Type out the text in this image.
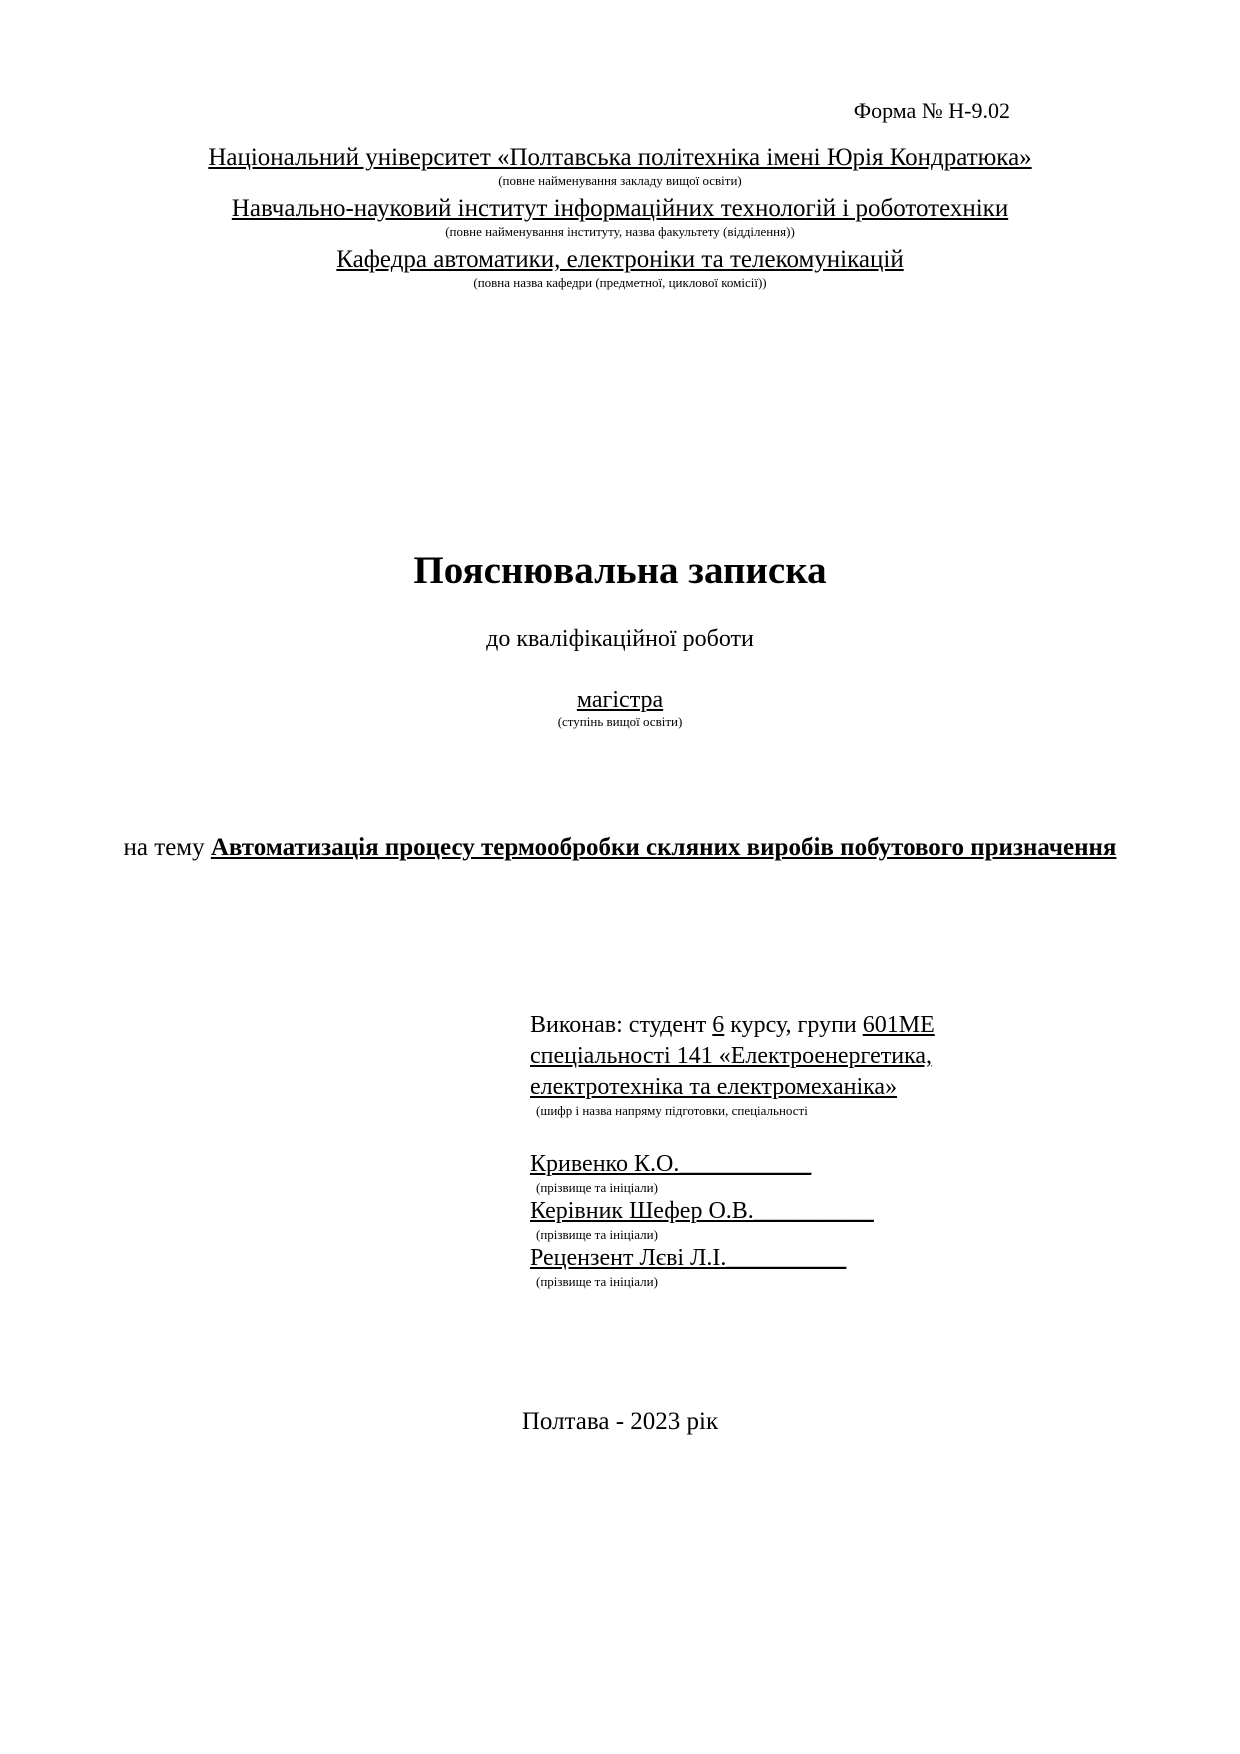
Форма № Н-9.02
Національний університет «Полтавська політехніка імені Юрія Кондратюка»
(повне найменування закладу вищої освіти)
Навчально-науковий інститут інформаційних технологій і робототехніки
(повне найменування інституту, назва факультету (відділення))
Кафедра автоматики, електроніки та телекомунікацій
(повна назва кафедри (предметної, циклової комісії))
Пояснювальна записка
до кваліфікаційної роботи
магістра
(ступінь вищої освіти)
на тему Автоматизація процесу термообробки скляних виробів побутового призначення
Виконав: студент 6 курсу, групи 601МЕ
спеціальності 141 «Електроенергетика,
електротехніка та електромеханіка»
(шифр і назва напряму підготовки, спеціальності
Кривенко К.О.___________
(прізвище та ініціали)
Керівник Шефер О.В.__________
(прізвище та ініціали)
Рецензент Лєві Л.І.__________
(прізвище та ініціали)
Полтава - 2023 рік
